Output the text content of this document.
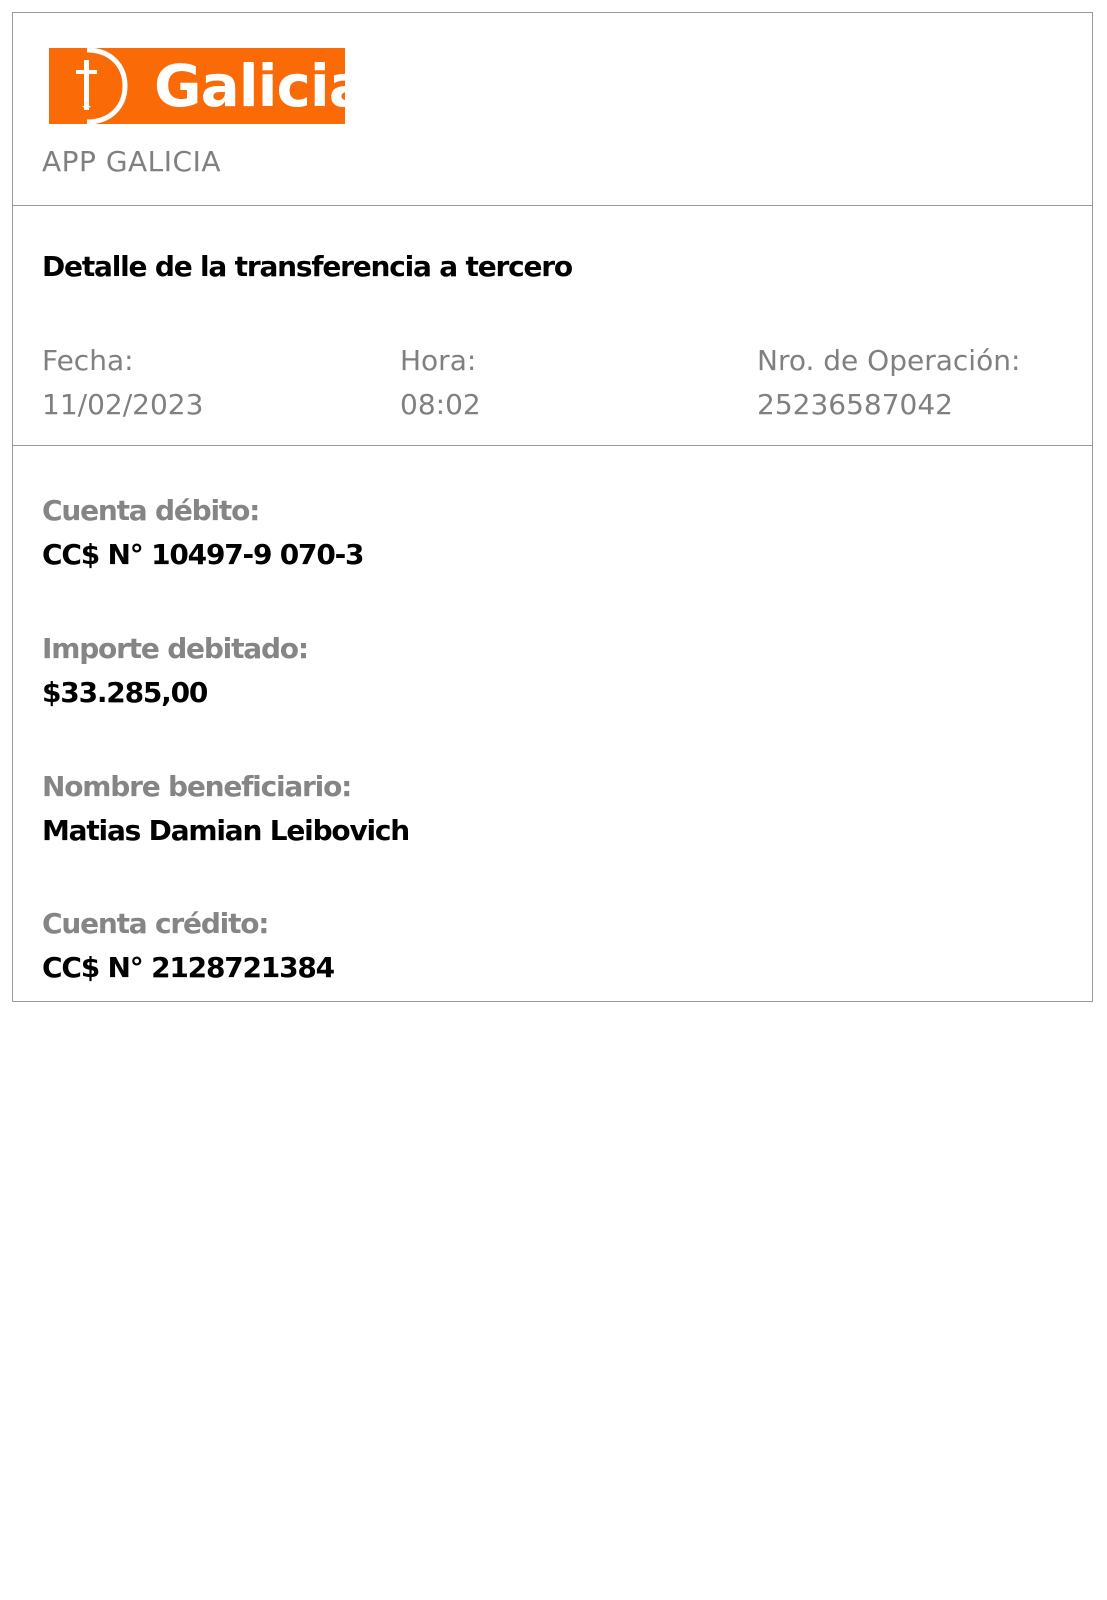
Galicia
APP GALICIA
Detalle de la transferencia a tercero
Fecha:
11/02/2023
Hora:
08:02
Nro. de Operación:
25236587042
Cuenta débito:
CC$ N° 10497-9 070-3
Importe debitado:
$33.285,00
Nombre beneficiario:
Matias Damian Leibovich
Cuenta crédito:
CC$ N° 2128721384
